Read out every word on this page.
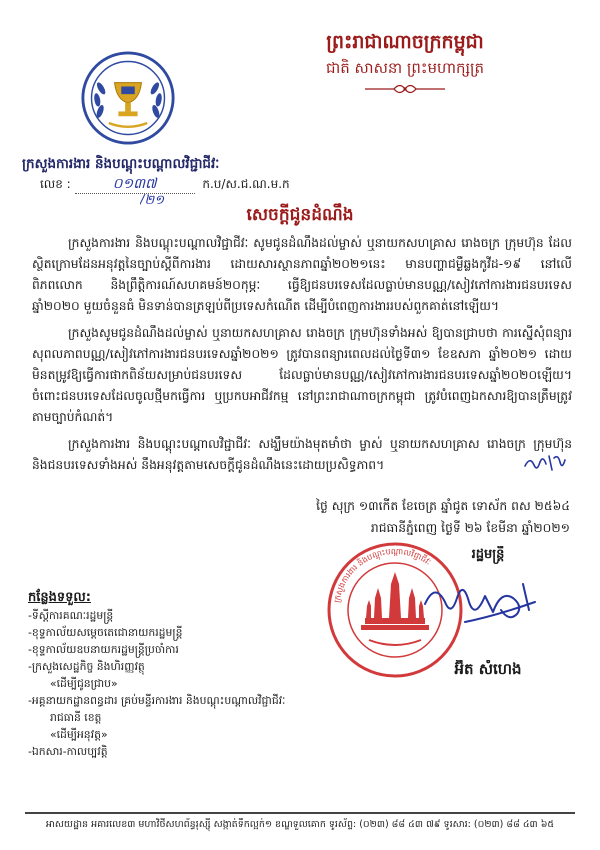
ព្រះរាជាណាចក្រកម្ពុជា
ជាតិ សាសនា ព្រះមហាក្សត្រ
ក្រសួងការងារ និងបណ្តុះបណ្តាលវិជ្ជាជីវៈ
លេខ :	០១៣៧	ក.ប/ស.ជ.ណ.ម.ក
/២១
សេចក្តីជូនដំណឹង

ក្រសួងការងារ និងបណ្តុះបណ្តាលវិជ្ជាជីវៈ សូមជូនដំណឹងដល់ម្ចាស់ ឬនាយកសហគ្រាស រោងចក្រ ក្រុមហ៊ុន ដែលស្ថិតក្រោមដែនអនុវត្តនៃច្បាប់ស្តីពីការងារ ដោយសារស្ថានភាពឆ្នាំ២០២១នេះ មានបញ្ហាជម្ងឺឆ្លងកូវីដ-១៩ នៅលើពិភពលោក និងព្រឹត្តិការណ៍សហគមន៍២០កុម្ភៈ ធ្វើឱ្យជនបរទេសដែលធ្លាប់មានបណ្ណ/សៀវភៅការងារជនបរទេសឆ្នាំ២០២០ មួយចំនួនធំ មិនទាន់បានត្រឡប់ពីប្រទេសកំណើត ដើម្បីបំពេញការងាររបស់ពួកគាត់នៅឡើយ។

ក្រសួងសូមជូនដំណឹងដល់ម្ចាស់ ឬនាយកសហគ្រាស រោងចក្រ ក្រុមហ៊ុនទាំងអស់ ឱ្យបានជ្រាបថា ការស្នើសុំពន្យារសុពលភាពបណ្ណ/សៀវភៅការងារជនបរទេសឆ្នាំ២០២១ ត្រូវបានពន្យារពេលដល់ថ្ងៃទី៣១ ខែឧសភា ឆ្នាំ២០២១ ដោយមិនតម្រូវឱ្យធ្វើការផាកពិន័យសម្រាប់ជនបរទេស ដែលធ្លាប់មានបណ្ណ/សៀវភៅការងារជនបរទេសឆ្នាំ២០២០ឡើយ។ ចំពោះជនបរទេសដែលចូលថ្មីមកធ្វើការ ឬប្រកបអាជីវកម្ម នៅព្រះរាជាណាចក្រកម្ពុជា ត្រូវបំពេញឯកសារឱ្យបានត្រឹមត្រូវតាមច្បាប់កំណត់។

ក្រសួងការងារ និងបណ្តុះបណ្តាលវិជ្ជាជីវៈ សង្ឃឹមយ៉ាងមុតមាំថា ម្ចាស់ ឬនាយកសហគ្រាស រោងចក្រ ក្រុមហ៊ុន និងជនបរទេសទាំងអស់ នឹងអនុវត្តតាមសេចក្តីជូនដំណឹងនេះដោយប្រសិទ្ធភាព។

ថ្ងៃ សុក្រ ១៣កើត ខែចេត្រ ឆ្នាំជូត ទោស័ក ពស ២៥៦៤
រាជធានីភ្នំពេញ ថ្ងៃទី ២៦ ខែមីនា ឆ្នាំ២០២១
រដ្ឋមន្ត្រី
ក្រសួងការងារ និងបណ្តុះបណ្តាលវិជ្ជាជីវៈ
អ៊ិត សំហេង
កន្លែងទទួល:
-ទីស្តីការគណៈរដ្ឋមន្ត្រី
-ខុទ្ទកាល័យសម្តេចតេជោនាយករដ្ឋមន្ត្រី
-ខុទ្ទកាល័យឧបនាយករដ្ឋមន្ត្រីប្រចាំការ
-ក្រសួងសេដ្ឋកិច្ច និងហិរញ្ញវត្ថុ
«ដើម្បីជូនជ្រាប»
-អគ្គនាយកដ្ឋានពន្ធដារ គ្រប់មន្ទីរការងារ និងបណ្តុះបណ្តាលវិជ្ជាជីវៈ
រាជធានី ខេត្ត
«ដើម្បីអនុវត្ត»
-ឯកសារ-កាលប្បវត្តិ
អាសយដ្ឋាន អគារលេខ៣ មហាវិថីសហព័ន្ធរុស្ស៊ី សង្កាត់ទឹកល្អក់១ ខណ្ឌទួលគោក ទូរស័ព្ទ: (០២៣) ៨៨ ៤៣ ៧៩ ទូរសារ: (០២៣) ៨៨ ៤៣ ៦៥
